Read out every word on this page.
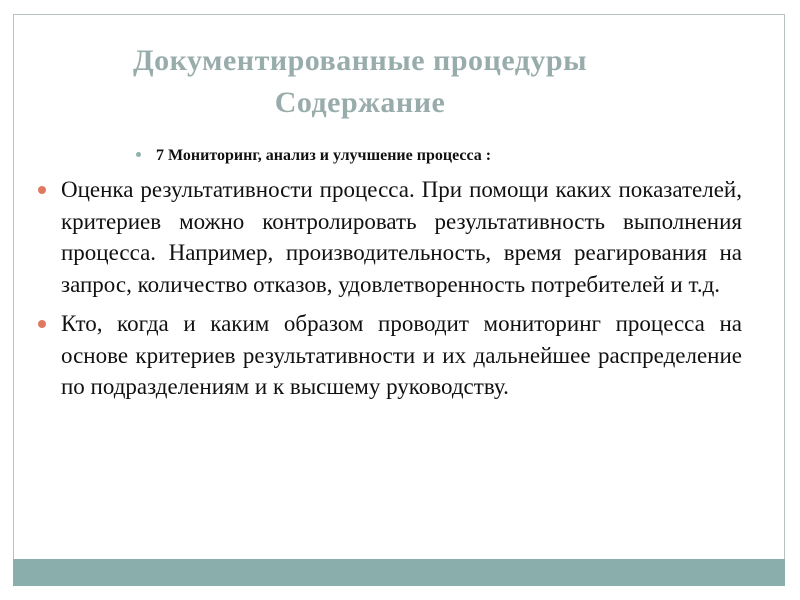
Документированные процедуры
Содержание
7 Мониторинг, анализ и улучшение процесса :
Оценка результативности процесса. При помощи каких показателей, критериев можно контролировать результативность выполнения процесса. Например, производительность, время реагирования на запрос, количество отказов, удовлетворенность потребителей и т.д.
Кто, когда и каким образом проводит мониторинг процесса на основе критериев результативности и их дальнейшее распределение по подразделениям и к высшему руководству.
